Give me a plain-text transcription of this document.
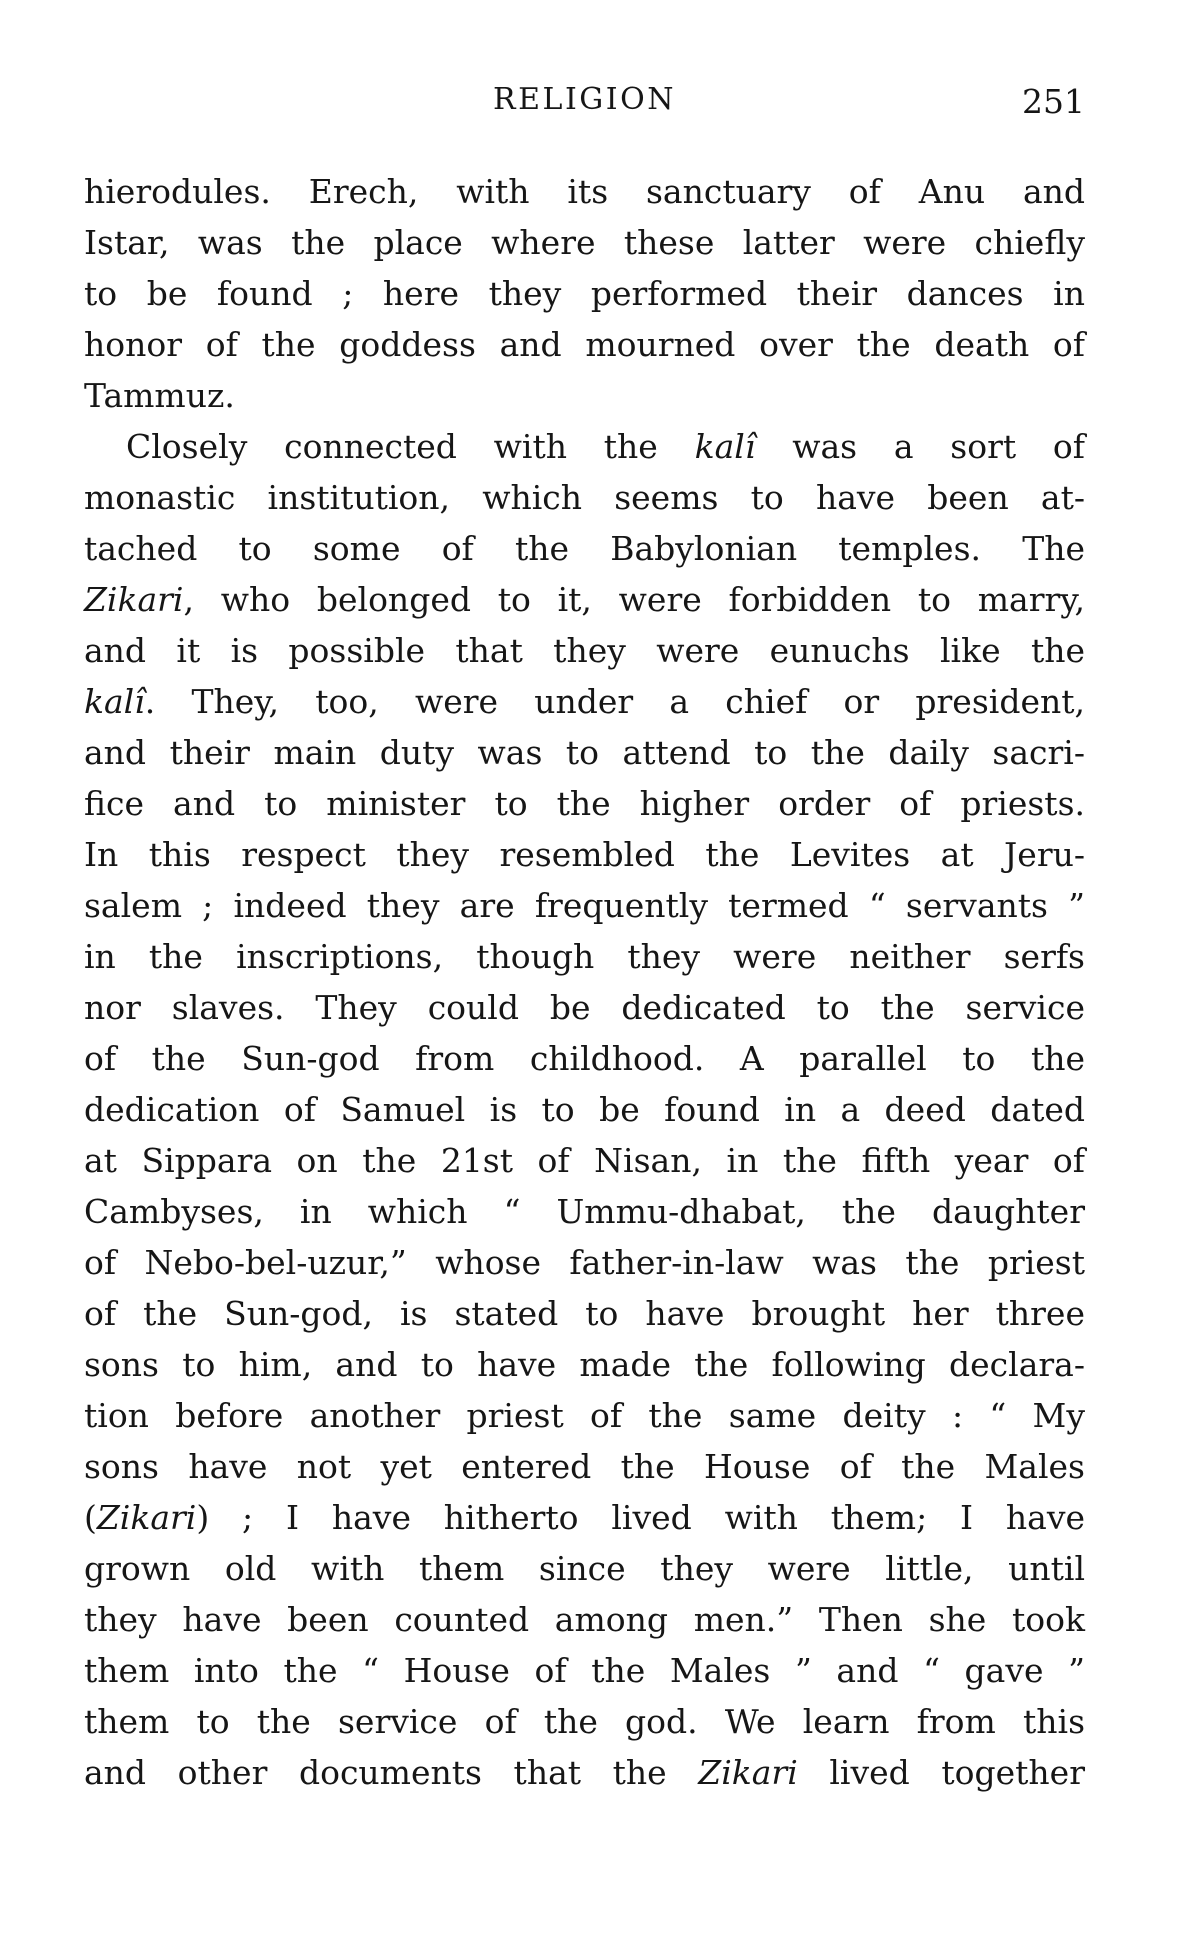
RELIGION	251
hierodules. Erech, with its sanctuary of Anu and
Istar, was the place where these latter were chiefly
to be found ; here they performed their dances in
honor of the goddess and mourned over the death of
Tammuz.
Closely connected with the kalî was a sort of
monastic institution, which seems to have been at-
tached to some of the Babylonian temples. The
Zikari, who belonged to it, were forbidden to marry,
and it is possible that they were eunuchs like the
kalî. They, too, were under a chief or president,
and their main duty was to attend to the daily sacri-
fice and to minister to the higher order of priests.
In this respect they resembled the Levites at Jeru-
salem ; indeed they are frequently termed “ servants ”
in the inscriptions, though they were neither serfs
nor slaves. They could be dedicated to the service
of the Sun-god from childhood. A parallel to the
dedication of Samuel is to be found in a deed dated
at Sippara on the 21st of Nisan, in the fifth year of
Cambyses, in which “ Ummu-dhabat, the daughter
of Nebo-bel-uzur,” whose father-in-law was the priest
of the Sun-god, is stated to have brought her three
sons to him, and to have made the following declara-
tion before another priest of the same deity : “ My
sons have not yet entered the House of the Males
(Zikari) ; I have hitherto lived with them; I have
grown old with them since they were little, until
they have been counted among men.” Then she took
them into the “ House of the Males ” and “ gave ”
them to the service of the god. We learn from this
and other documents that the Zikari lived together
